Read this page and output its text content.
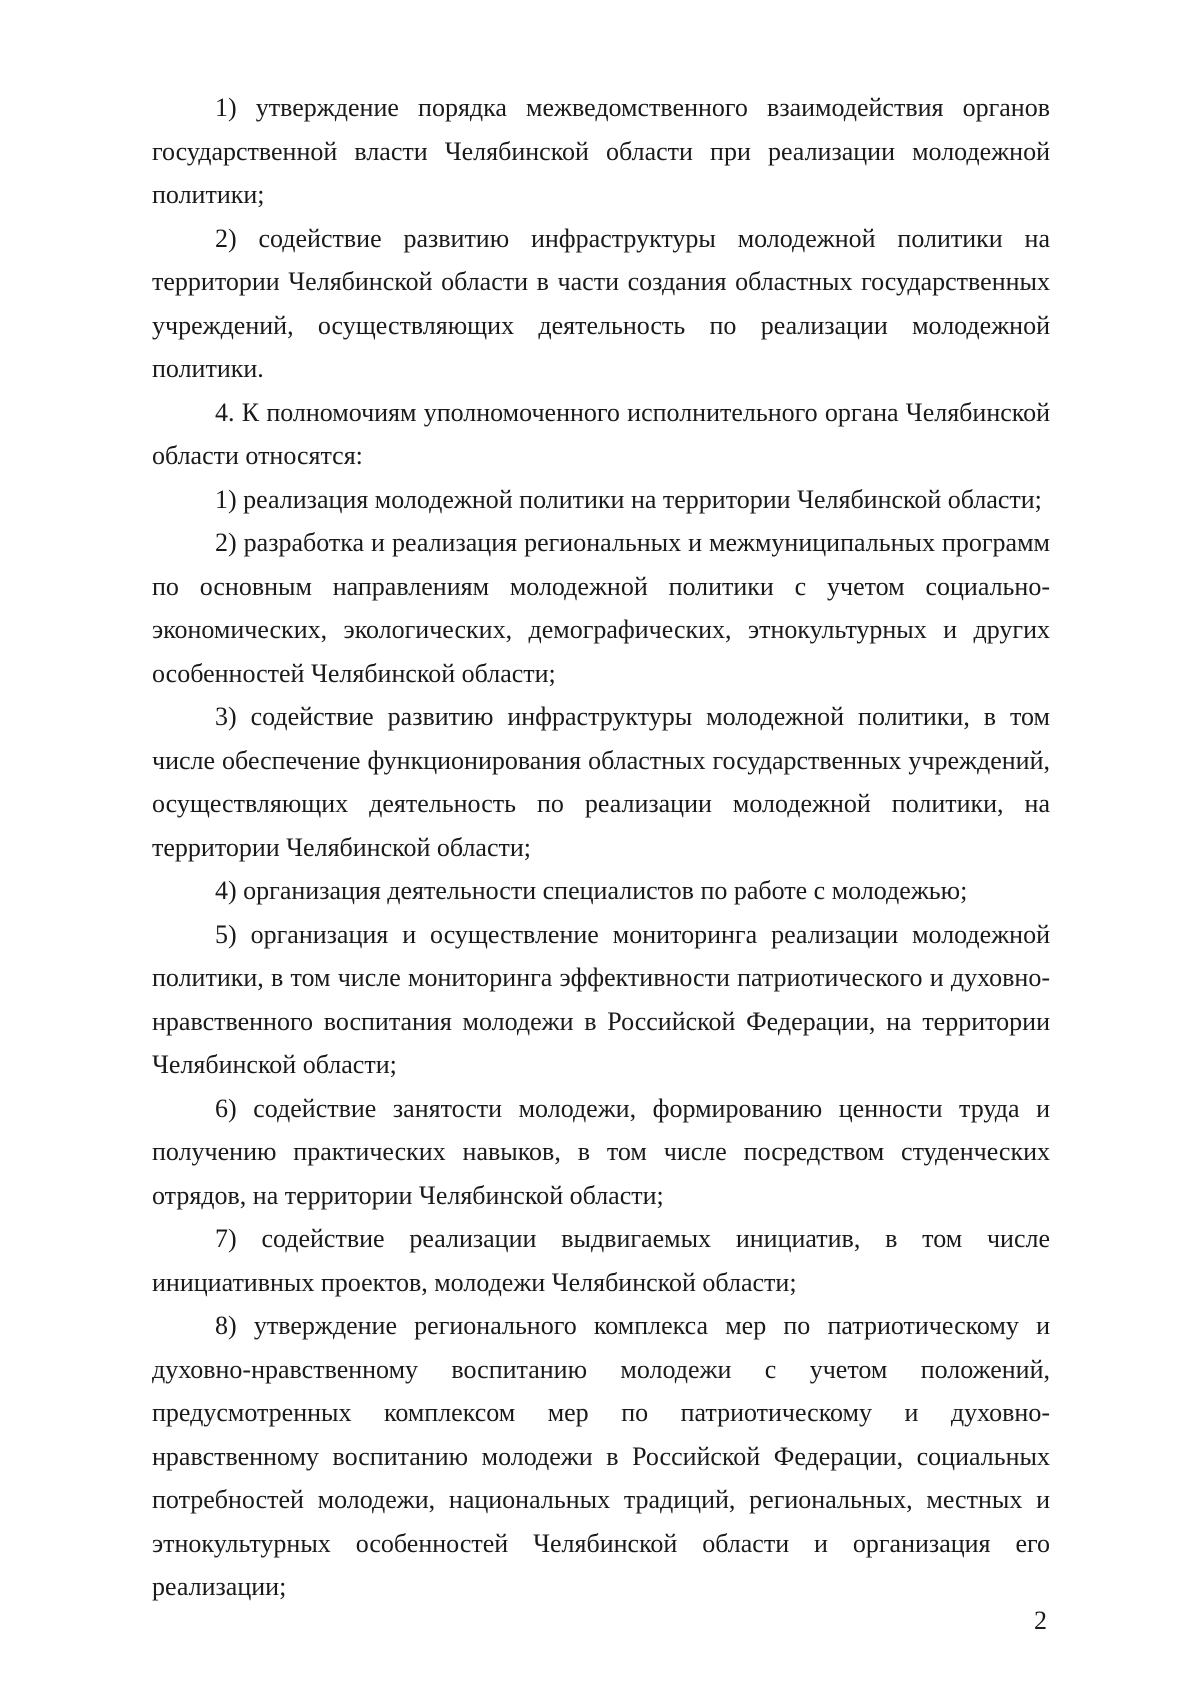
1) утверждение порядка межведомственного взаимодействия органов государственной власти Челябинской области при реализации молодежной политики;

2) содействие развитию инфраструктуры молодежной политики на территории Челябинской области в части создания областных государственных учреждений, осуществляющих деятельность по реализации молодежной политики.

4. К полномочиям уполномоченного исполнительного органа Челябинской области относятся:

1) реализация молодежной политики на территории Челябинской области;

2) разработка и реализация региональных и межмуниципальных программ по основным направлениям молодежной политики с учетом социально-экономических, экологических, демографических, этнокультурных и других особенностей Челябинской области;

3) содействие развитию инфраструктуры молодежной политики, в том числе обеспечение функционирования областных государственных учреждений, осуществляющих деятельность по реализации молодежной политики, на территории Челябинской области;

4) организация деятельности специалистов по работе с молодежью;

5) организация и осуществление мониторинга реализации молодежной политики, в том числе мониторинга эффективности патриотического и духовно-нравственного воспитания молодежи в Российской Федерации, на территории Челябинской области;

6) содействие занятости молодежи, формированию ценности труда и получению практических навыков, в том числе посредством студенческих отрядов, на территории Челябинской области;

7) содействие реализации выдвигаемых инициатив, в том числе инициативных проектов, молодежи Челябинской области;

8) утверждение регионального комплекса мер по патриотическому и духовно-нравственному воспитанию молодежи с учетом положений, предусмотренных комплексом мер по патриотическому и духовно-нравственному воспитанию молодежи в Российской Федерации, социальных потребностей молодежи, национальных традиций, региональных, местных и этнокультурных особенностей Челябинской области и организация его реализации;

2
